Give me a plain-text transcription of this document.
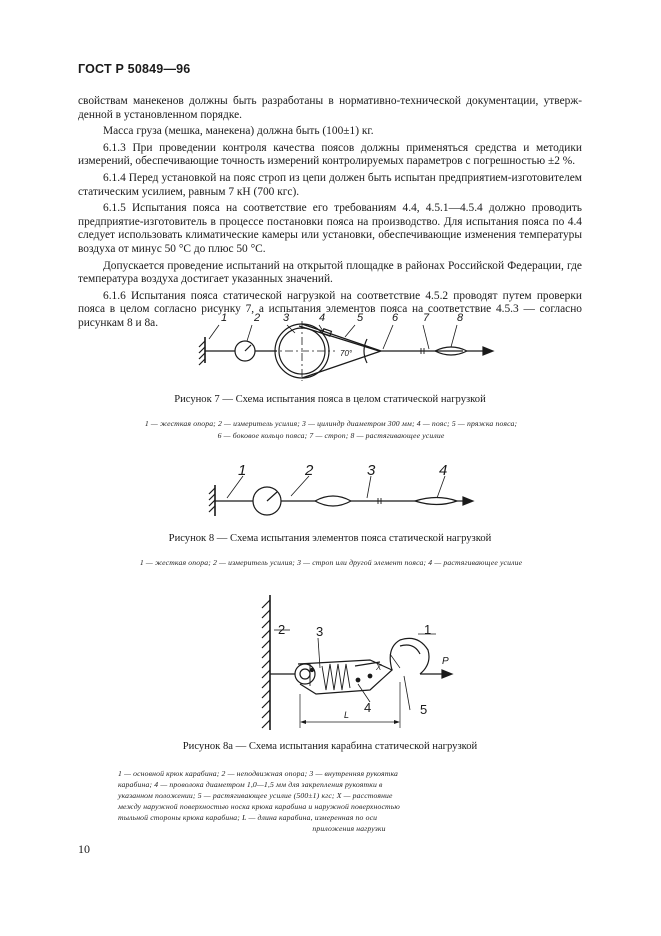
ГОСТ Р 50849—96

свойствам манекенов должны быть разработаны в нормативно-технической документации, утвержденной в установленном порядке.

Масса груза (мешка, манекена) должна быть (100±1) кг.

6.1.3 При проведении контроля качества поясов должны применяться средства и методики измерений, обеспечивающие точность измерений контролируемых параметров с погрешностью ±2 %.

6.1.4 Перед установкой на пояс строп из цепи должен быть испытан предприятием-изготовителем статическим усилием, равным 7 кН (700 кгс).

6.1.5 Испытания пояса на соответствие его требованиям 4.4, 4.5.1—4.5.4 должно проводить предприятие-изготовитель в процессе постановки пояса на производство. Для испытания пояса по 4.4 следует использовать климатические камеры или установки, обеспечивающие изменения температуры воздуха от минус 50 °С до плюс 50 °С.

Допускается проведение испытаний на открытой площадке в районах Российской Федерации, где температура воздуха достигает указанных значений.

6.1.6 Испытания пояса статической нагрузкой на соответствие 4.5.2 проводят путем проверки пояса в целом согласно рисунку 7, а испытания элементов пояса на соответствие 4.5.3 — согласно рисункам 8 и 8а.	1 2 3	4	5	6 7	8
70°
Рисунок 7 — Схема испытания пояса в целом статической нагрузкой
1 — жесткая опора; 2 — измеритель усилия; 3 — цилиндр диаметром 300 мм; 4 — пояс; 5 — пряжка пояса;
6 — боковое кольцо пояса; 7 — строп; 8 — растягивающее усилие
1	2	3	4
Рисунок 8 — Схема испытания элементов пояса статической нагрузкой
1 — жесткая опора; 2 — измеритель усилия; 3 — строп или другой элемент пояса; 4 — растягивающее усилие
2 3	1
4	5
P
X
L
Рисунок 8а — Схема испытания карабина статической нагрузкой
1 — основной крюк карабина; 2 — неподвижная опора; 3 — внутренняя рукоятка
карабина; 4 — проволока диаметром 1,0—1,5 мм для закрепления рукоятки в
указанном положении; 5 — растягивающее усилие (500±1) кгс; X — расстояние
между наружной поверхностью носка крюка карабина и наружной поверхностью
тыльной стороны крюка карабина; L — длина карабина, измеренная по оси
приложения нагрузки
10
